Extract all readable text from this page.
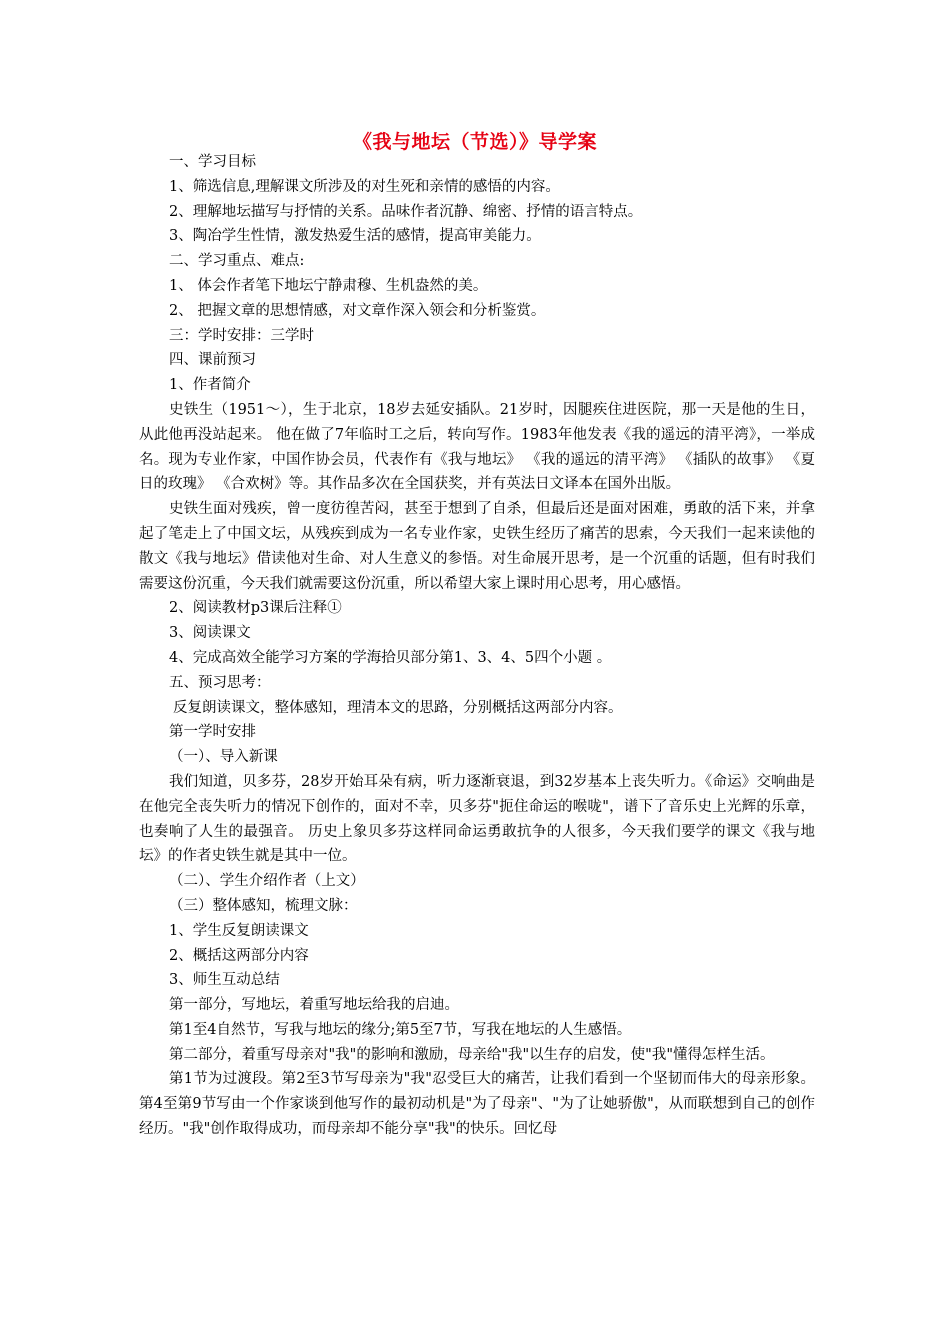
《我与地坛（节选）》导学案

一、学习目标

1、筛选信息,理解课文所涉及的对生死和亲情的感悟的内容。

2、理解地坛描写与抒情的关系。品味作者沉静、绵密、抒情的语言特点。

3、陶冶学生性情，激发热爱生活的感情，提高审美能力。

二、学习重点、难点:

1、 体会作者笔下地坛宁静肃穆、生机盎然的美。

2、 把握文章的思想情感，对文章作深入领会和分析鉴赏。

三：学时安排：三学时

四、课前预习

1、作者简介

史铁生（1951～），生于北京，18岁去延安插队。21岁时，因腿疾住进医院，那一天是他的生日，从此他再没站起来。 他在做了7年临时工之后，转向写作。1983年他发表《我的遥远的清平湾》，一举成名。现为专业作家，中国作协会员，代表作有《我与地坛》 《我的遥远的清平湾》 《插队的故事》 《夏日的玫瑰》 《合欢树》等。其作品多次在全国获奖，并有英法日文译本在国外出版。

史铁生面对残疾，曾一度彷徨苦闷，甚至于想到了自杀，但最后还是面对困难，勇敢的活下来，并拿起了笔走上了中国文坛，从残疾到成为一名专业作家，史铁生经历了痛苦的思索，今天我们一起来读他的散文《我与地坛》借读他对生命、对人生意义的参悟。对生命展开思考，是一个沉重的话题，但有时我们需要这份沉重，今天我们就需要这份沉重，所以希望大家上课时用心思考，用心感悟。

2、阅读教材p3课后注释①

3、阅读课文

4、完成高效全能学习方案的学海拾贝部分第1、3、4、5四个小题 。

五、预习思考：

反复朗读课文，整体感知，理清本文的思路，分别概括这两部分内容。

第一学时安排

（一）、导入新课

我们知道，贝多芬，28岁开始耳朵有病，听力逐渐衰退，到32岁基本上丧失听力。《命运》交响曲是在他完全丧失听力的情况下创作的，面对不幸，贝多芬"扼住命运的喉咙"，谱下了音乐史上光辉的乐章，也奏响了人生的最强音。 历史上象贝多芬这样同命运勇敢抗争的人很多，今天我们要学的课文《我与地坛》的作者史铁生就是其中一位。

（二）、学生介绍作者（上文）

（三）整体感知，梳理文脉：

1、学生反复朗读课文

2、概括这两部分内容

3、师生互动总结

第一部分，写地坛，着重写地坛给我的启迪。

第1至4自然节，写我与地坛的缘分;第5至7节，写我在地坛的人生感悟。

第二部分，着重写母亲对"我"的影响和激励，母亲给"我"以生存的启发，使"我"懂得怎样生活。

第1节为过渡段。第2至3节写母亲为"我"忍受巨大的痛苦，让我们看到一个坚韧而伟大的母亲形象。第4至第9节写由一个作家谈到他写作的最初动机是"为了母亲"、"为了让她骄傲"，从而联想到自己的创作经历。"我"创作取得成功，而母亲却不能分享"我"的快乐。回忆母
